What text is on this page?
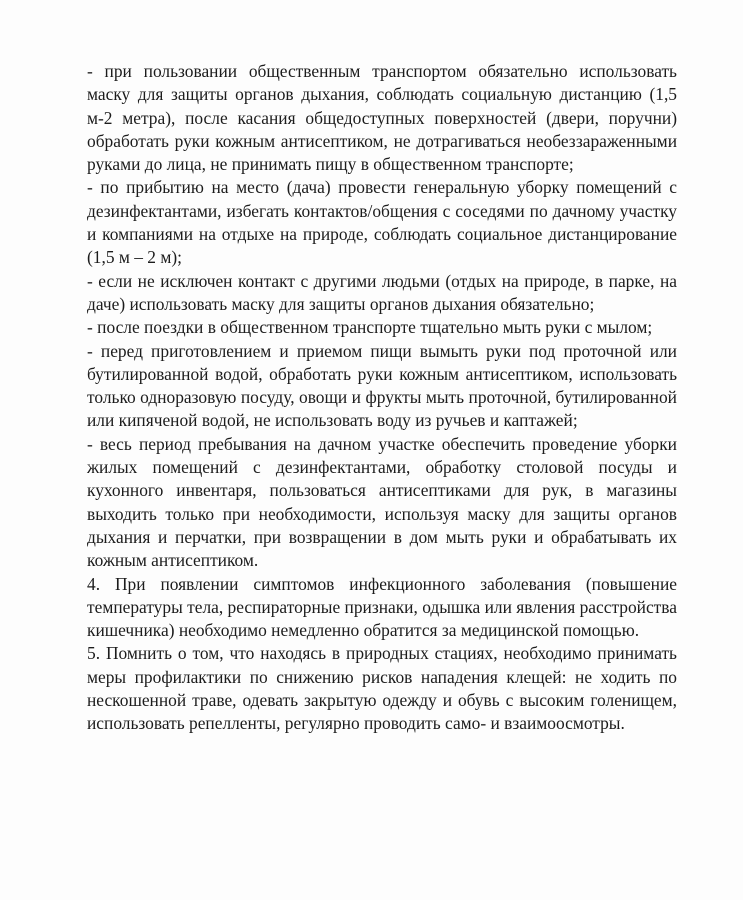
- при пользовании общественным транспортом обязательно использовать маску для защиты органов дыхания, соблюдать социальную дистанцию (1,5 м-2 метра), после касания общедоступных поверхностей (двери, поручни) обработать руки кожным антисептиком, не дотрагиваться необеззараженными руками до лица, не принимать пищу в общественном транспорте;

- по прибытию на место (дача) провести генеральную уборку помещений с дезинфектантами, избегать контактов/общения с соседями по дачному участку и компаниями на отдыхе на природе, соблюдать социальное дистанцирование (1,5 м – 2 м);

- если не исключен контакт с другими людьми (отдых на природе, в парке, на даче) использовать маску для защиты органов дыхания обязательно;

- после поездки в общественном транспорте тщательно мыть руки с мылом;

- перед приготовлением и приемом пищи вымыть руки под проточной или бутилированной водой, обработать руки кожным антисептиком, использовать только одноразовую посуду, овощи и фрукты мыть проточной, бутилированной или кипяченой водой, не использовать воду из ручьев и каптажей;

- весь период пребывания на дачном участке обеспечить проведение уборки жилых помещений с дезинфектантами, обработку столовой посуды и кухонного инвентаря, пользоваться антисептиками для рук, в магазины выходить только при необходимости, используя маску для защиты органов дыхания и перчатки, при возвращении в дом мыть руки и обрабатывать их кожным антисептиком.

4. При появлении симптомов инфекционного заболевания (повышение температуры тела, респираторные признаки, одышка или явления расстройства кишечника) необходимо немедленно обратится за медицинской помощью.

5. Помнить о том, что находясь в природных стациях, необходимо принимать меры профилактики по снижению рисков нападения клещей: не ходить по нескошенной траве, одевать закрытую одежду и обувь с высоким голенищем, использовать репелленты, регулярно проводить само- и взаимоосмотры.
